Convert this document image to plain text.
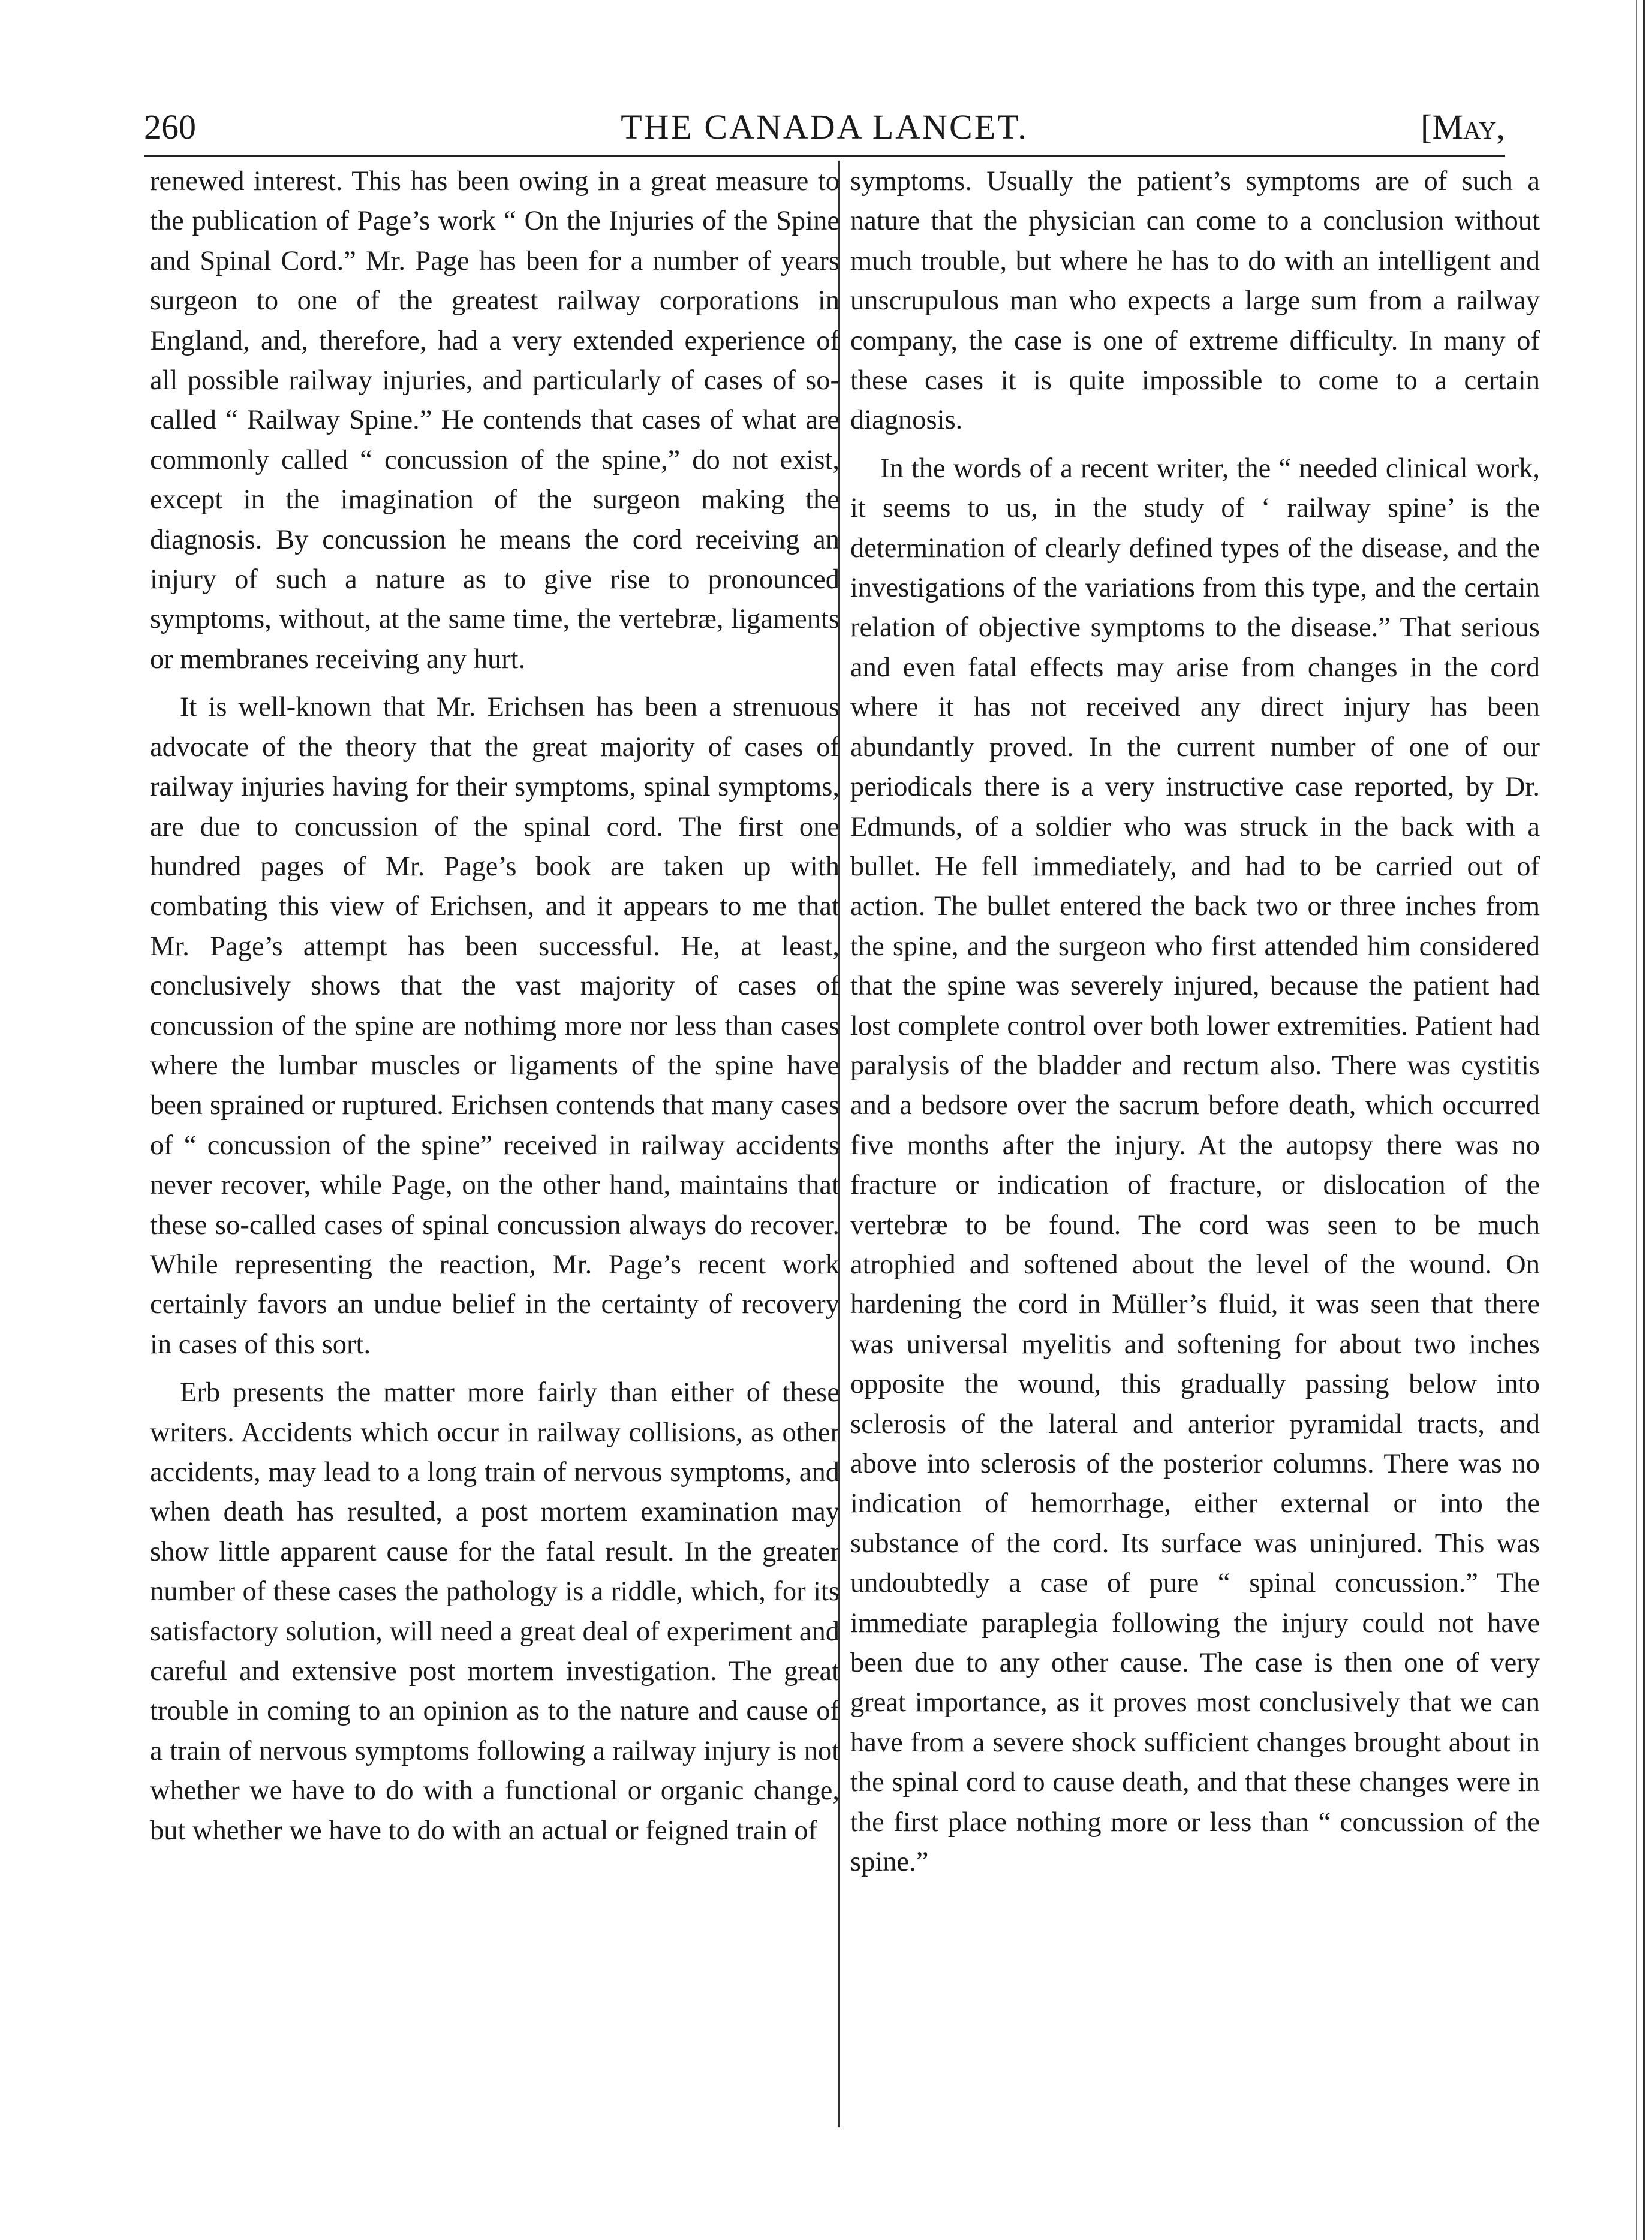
260	THE CANADA LANCET.	[May,

renewed interest. This has been owing in a great measure to the publication of Page’s work “ On the Injuries of the Spine and Spinal Cord.” Mr. Page has been for a number of years surgeon to one of the greatest railway corporations in England, and, therefore, had a very extended experience of all possible railway injuries, and particularly of cases of so-called “ Railway Spine.” He contends that cases of what are commonly called “ concussion of the spine,” do not exist, except in the imagination of the surgeon making the diagnosis. By concussion he means the cord receiving an injury of such a nature as to give rise to pronounced symptoms, without, at the same time, the vertebræ, ligaments or membranes receiving any hurt.

It is well-known that Mr. Erichsen has been a strenuous advocate of the theory that the great majority of cases of railway injuries having for their symptoms, spinal symptoms, are due to concussion of the spinal cord. The first one hundred pages of Mr. Page’s book are taken up with combating this view of Erichsen, and it appears to me that Mr. Page’s attempt has been successful. He, at least, conclusively shows that the vast majority of cases of concussion of the spine are nothimg more nor less than cases where the lumbar muscles or ligaments of the spine have been sprained or ruptured. Erichsen contends that many cases of “ concussion of the spine” received in railway accidents never recover, while Page, on the other hand, maintains that these so-called cases of spinal concussion always do recover. While representing the reaction, Mr. Page’s recent work certainly favors an undue belief in the certainty of recovery in cases of this sort.

Erb presents the matter more fairly than either of these writers. Accidents which occur in railway collisions, as other accidents, may lead to a long train of nervous symptoms, and when death has resulted, a post mortem examination may show little apparent cause for the fatal result. In the greater number of these cases the pathology is a riddle, which, for its satisfactory solution, will need a great deal of experiment and careful and extensive post mortem investigation. The great trouble in coming to an opinion as to the nature and cause of a train of nervous symptoms following a railway injury is not whether we have to do with a functional or organic change, but whether we have to do with an actual or feigned train of

symptoms. Usually the patient’s symptoms are of such a nature that the physician can come to a conclusion without much trouble, but where he has to do with an intelligent and unscrupulous man who expects a large sum from a railway company, the case is one of extreme difficulty. In many of these cases it is quite impossible to come to a certain diagnosis.

In the words of a recent writer, the “ needed clinical work, it seems to us, in the study of ‘ railway spine’ is the determination of clearly defined types of the disease, and the investigations of the variations from this type, and the certain relation of objective symptoms to the disease.” That serious and even fatal effects may arise from changes in the cord where it has not received any direct injury has been abundantly proved. In the current number of one of our periodicals there is a very instructive case reported, by Dr. Edmunds, of a soldier who was struck in the back with a bullet. He fell immediately, and had to be carried out of action. The bullet entered the back two or three inches from the spine, and the surgeon who first attended him considered that the spine was severely injured, because the patient had lost complete control over both lower extremities. Patient had paralysis of the bladder and rectum also. There was cystitis and a bedsore over the sacrum before death, which occurred five months after the injury. At the autopsy there was no fracture or indication of fracture, or dislocation of the vertebræ to be found. The cord was seen to be much atrophied and softened about the level of the wound. On hardening the cord in Müller’s fluid, it was seen that there was universal myelitis and softening for about two inches opposite the wound, this gradually passing below into sclerosis of the lateral and anterior pyramidal tracts, and above into sclerosis of the posterior columns. There was no indication of hemorrhage, either external or into the substance of the cord. Its surface was uninjured. This was undoubtedly a case of pure “ spinal concussion.” The immediate paraplegia following the injury could not have been due to any other cause. The case is then one of very great importance, as it proves most conclusively that we can have from a severe shock sufficient changes brought about in the spinal cord to cause death, and that these changes were in the first place nothing more or less than “ concussion of the spine.”
